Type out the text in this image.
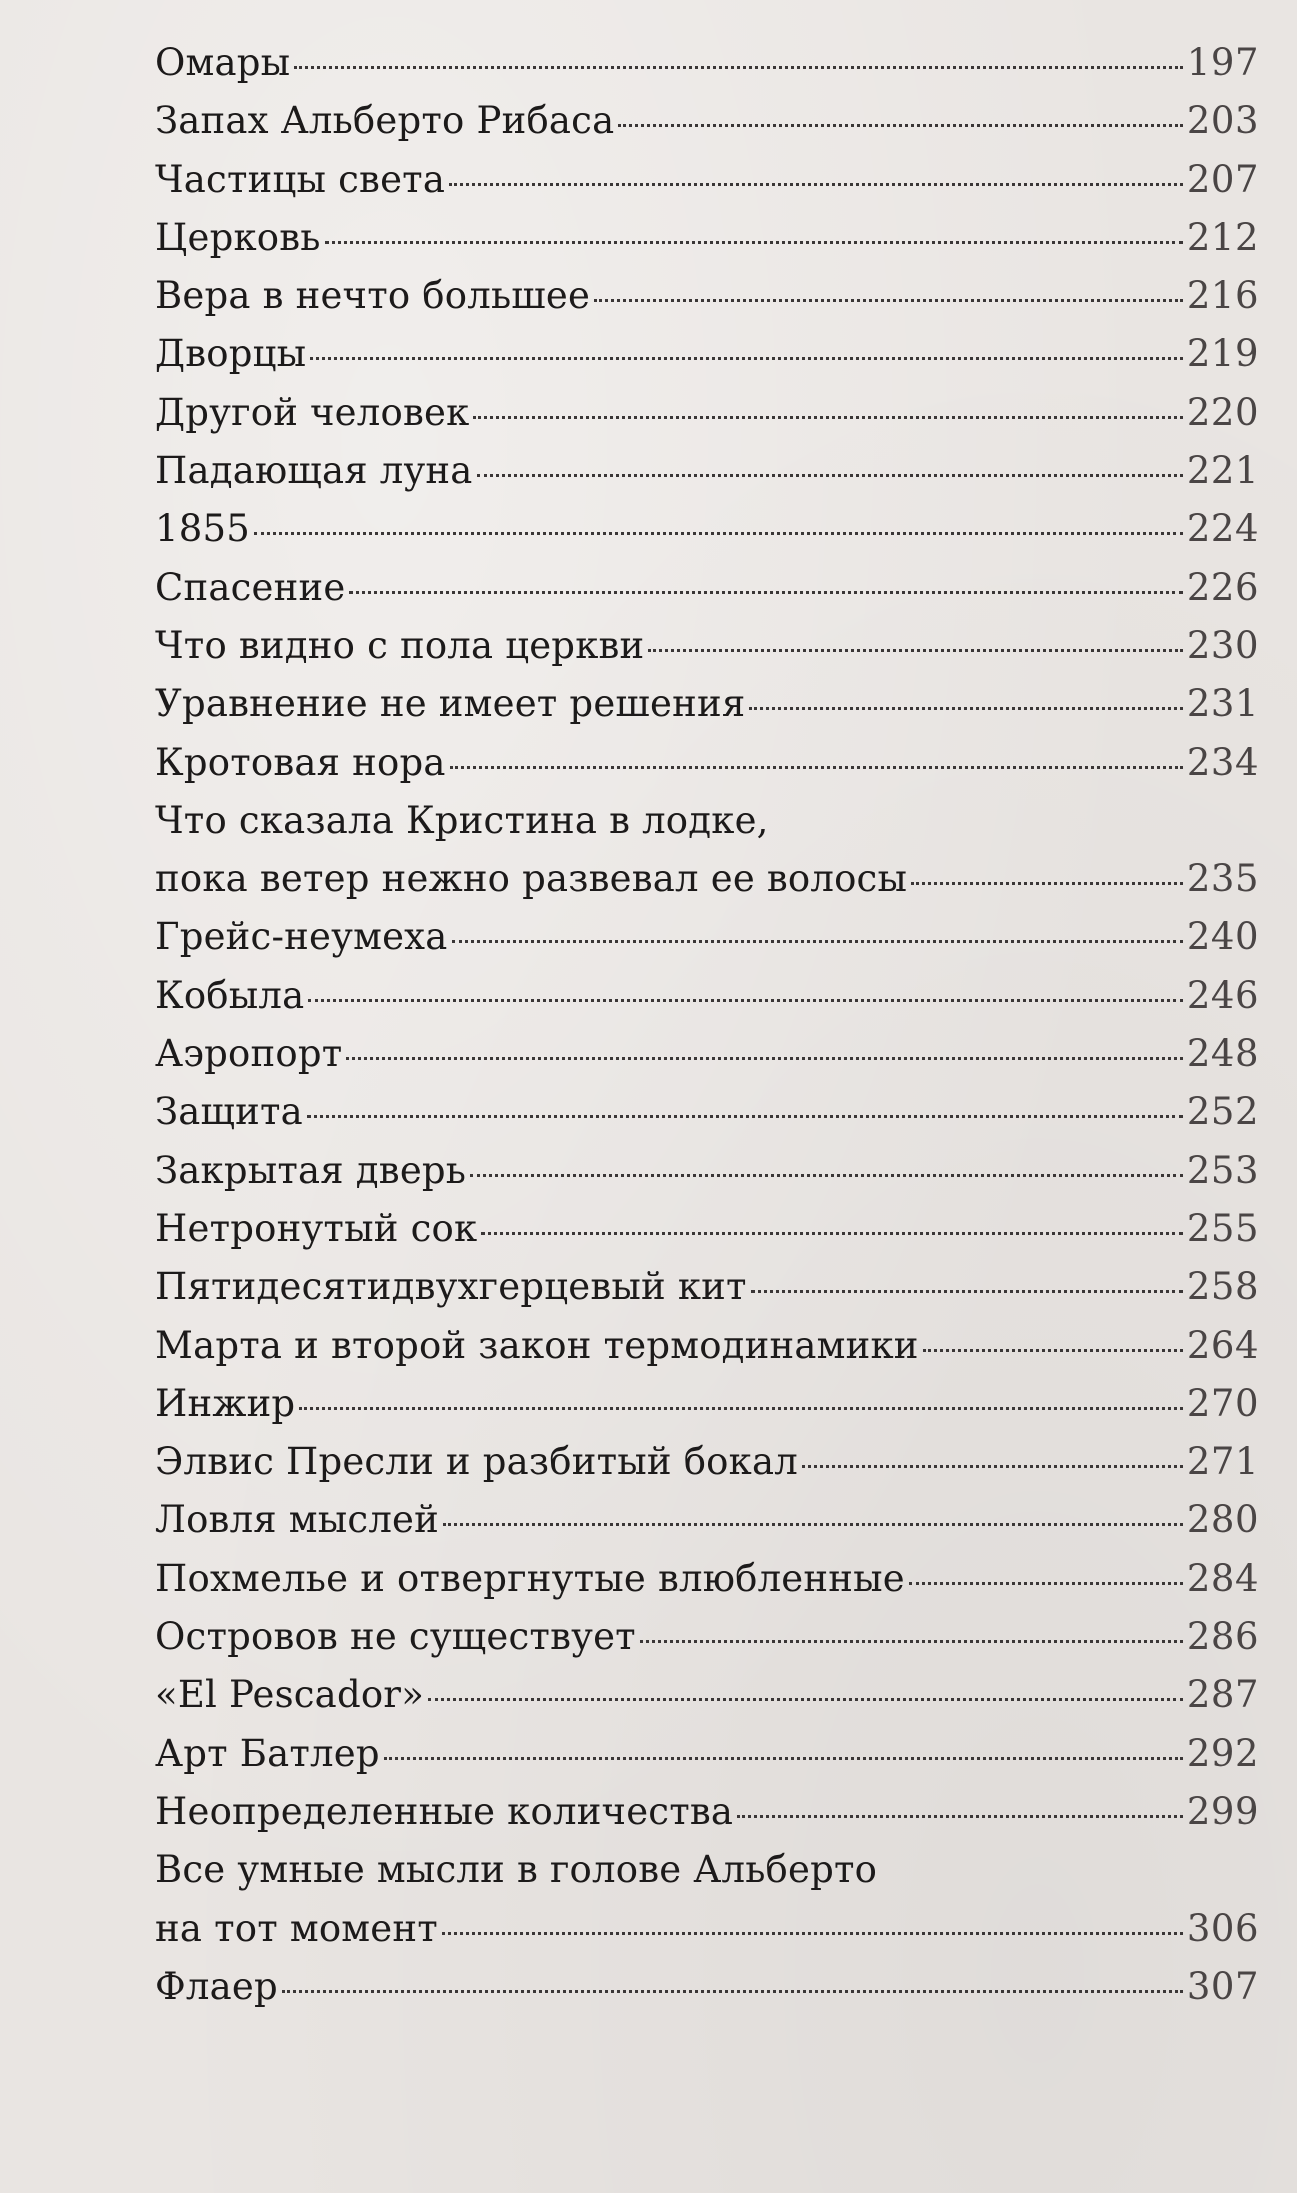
Омары	197
Запах Альберто Рибаса	203
Частицы света	207
Церковь	212
Вера в нечто большее	216
Дворцы	219
Другой человек	220
Падающая луна	221
1855	224
Спасение	226
Что видно с пола церкви	230
Уравнение не имеет решения	231
Кротовая нора	234
Что сказала Кристина в лодке,
пока ветер нежно развевал ее волосы	235
Грейс-неумеха	240
Кобыла	246
Аэропорт	248
Защита	252
Закрытая дверь	253
Нетронутый сок	255
Пятидесятидвухгерцевый кит	258
Марта и второй закон термодинамики	264
Инжир	270
Элвис Пресли и разбитый бокал	271
Ловля мыслей	280
Похмелье и отвергнутые влюбленные	284
Островов не существует	286
«El Pescador»	287
Арт Батлер	292
Неопределенные количества	299
Все умные мысли в голове Альберто
на тот момент	306
Флаер	307
